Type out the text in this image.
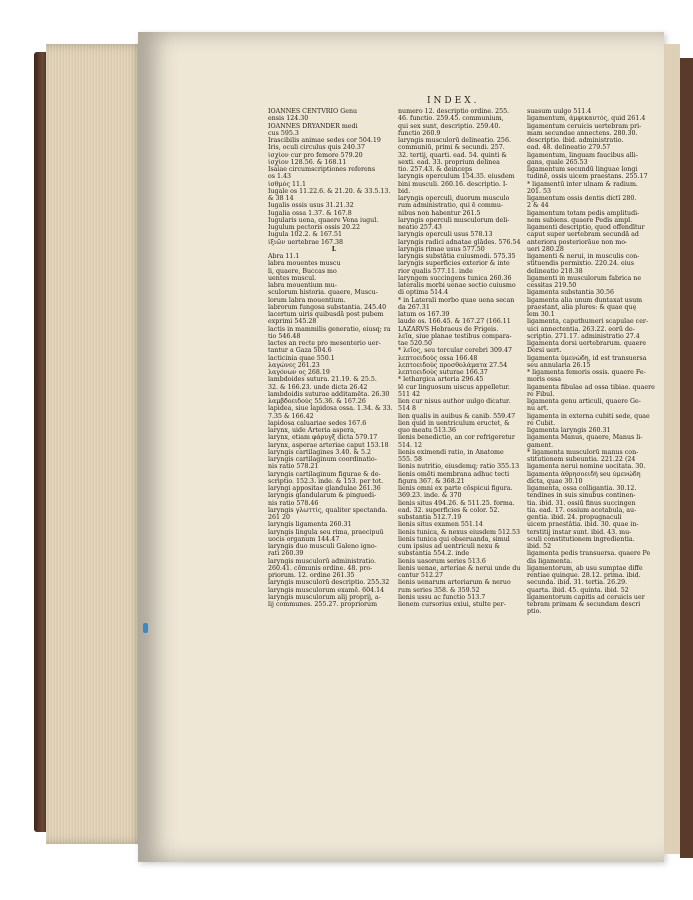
INDEX.
IOANNES CENTVRIO Genu
ensis 124.30
IOANNES DRYANDER medi
cus 595.3
Irascibilis animae sedes cor 504.19
Iris, oculi circulus quis 240.37
ἰσχίον cur pro femore 579.20
ἰσχίον 128.56. & 168.11
Isaiae circumscriptiones referens
os 1.43
ἰσθμός 11.1
Iugale os 11.22.6. & 21.20. & 33.5.13.
& 38 14
Iugalis ossis usus 31.21.32
Iugalia ossa 1.37. & 167.8
Iugularis uena, quaere Vena iugul.
Iugulum pectoris ossis 20.22
Iugula 102.2. & 167.51
ἰξιῶν uertebrae 167.38
L
Abra 11.1
labra mouentes muscu
li, quaere, Buccas mo
uentes muscul.
labra mouentium mu-
sculorum historia. quaere, Muscu-
lorum labra mouentium.
labrorum fungosa substantia. 245.40
lacertum uiris quibusdā post pubem
exprimi 545.28
lactis in mammilis generatio, eiusq; ra
tio 546.48
lactes an recte pro mesenterio uer-
tantur a Gaza 504.6
lacticinia quae 550.1
λαγώνες 261.23
λαγόνων ος 268.19
lambdoides sutura. 21.19. & 25.5.
32. & 166.23. unde dicta 26.42
lambdoidis suturae additamēta. 26.30
λαμβδοειδούς 55.36. & 167.26
lapidea, siue lapidosa ossa. 1.34. & 33.
7.35 & 166.42
lapidosa caluariae sedes 167.6
larynx, uide Arteria aspera,
larynx, etiam φάρυγξ dicta 579.17
larynx, asperae arteriae caput 153.18
laryngis cartilagines 3.40. & 5.2
laryngis cartilaginum coordinatio-
nis ratio 578.21
laryngis cartilaginum figurae & de-
scriptio. 152.3. inde. & 153. per tot.
laryngi appositae glandulae 261.36
laryngis glandularum & pinguedi-
nis ratio 578.46
laryngis γλωττίς, qualiter spectanda.
261 20
laryngis ligamenta 260.31
laryngis lingula seu rima, praecipuū
uocis organum 144.47
laryngis duo musculi Galeno igno-
rati 260.39
laryngis musculorū administratio.
260.41. cōmunis ordine. 48. pro-
priorum. 12. ordine 261.35
laryngis musculorū descriptio. 255.32
laryngis musculorum examē. 604.14
laryngis musculorum alij proprij, a-
lij communes. 255.27. propriorum
numero 12. descriptio ordine. 255.
46. functio. 259.45. communium,
qui sex sunt, descriptio. 259.40.
functio 260.9
laryngis musculorū delineatio. 256.
communiū, primi & secundi. 257.
32. tertij, quarti. ead. 54. quinti &
sexti. ead. 33. proprium delinea
tio. 257.43. & deinceps
laryngis operculum 154.35. eiusdem
bini musculi. 260.16. descriptio. I-
bid.
laryngis operculi, duorum musculo
rum administratio, qui ē commu-
nibus non habentur 261.5
laryngis operculi musculorum deli-
neatio 257.43
laryngis operculi usus 578.13
laryngis radici adnatae glādes. 576.54
laryngis rimae usus 577.50
laryngis substātia cuiusmodi. 575.35
laryngis superficies exterior & inte
rior qualis 577.11. inde
laryngem succingens tunica 260.36
lateralis morbi uenae sectio cuiusmo
di optima 514.4
* in Laterali morbo quae uena secan
da 267.31
latum os 167.39
laude os. 166.45. & 167.27 (166.11
LAZARVS Hebraeus de Frigeis.
λεῖα, siue planae testibus compara-
tae 520.50
* λεῖος, seu torcular cerebri 309.47
λεπτοειδούς ossa 166.48
λεπτοειδούς προσθολάματα 27.54
λεπτοειδούς suturae 166.37
* lethargica arteria 296.45
lē cur linguosum uiscus appelletur.
511 42
lien cur nisus author uulgo dicatur.
514 8
lien qualis in auibus & canib. 559.47
lien quid in uentriculum eructet, &
quo meatu 513.36
lienis benedictio, an cor refrigeretur
514. 12
lienis eximendi ratio, in Anatome
555. 58
lienis nutritio, eiusdemq; ratio 355.13
lienis omēti membrana adhuc tecti
figura 367. & 368.21
lienis omni ex parte cōspicui figura.
369.23. inde. & 370
lienis situs 494.26. & 511.25. forma.
ead. 32. superficies & color. 52.
substantia 512.7.19
lienis situs examen 551.14
lienis tunica, & nexus eiusdem 512.53
lienis tunica qui obseruanda, simul
cum ipsius ad uentriculi nexu &
substantia 554.2. inde
lienis uasorum series 513.6
lienis uenae, arteriae & nerui unde du
cantur 512.27
lienis uenarum arteriarum & neruo
rum series 358. & 359.52
lienis ussu ac functio 513.7
lienem cursorius exiui, stulte per-
suasum uulgo 511.4
ligamentum, ἀμφικαυτός, quid 261.4
ligamentum ceruicis uertebram pri-
mam secundae annectens. 280.30.
descriptio. ibid. administratio.
ead. 48. delineatio 279.57
ligamentum, linguam faucibus alli-
gans, quale 265.53
ligamentum secundū linguae longi
tudinē, ossis uicem praestans. 255.17
* ligamentū inter ulnam & radium.
201. 53
ligamentum ossis dentis dictī 280.
2 & 44
ligamentum totam pedis amplitudi-
nem subiens. quaere Pedis ampl.
ligamenti descriptio, quod offendītur
caput super uertebram secundā ad
anteriora posteriorāue non mo-
ueri 280.28
ligamenti & nerui, in musculis con-
stituendis permixtio. 220.24. eius
delineatio 218.38
ligamenti in musculorum fabrica ne
cessitas 219.50
ligamenta substantia 30.56
ligamenta alia unum duntaxat usum
praestant, alia plures: & quae quę
lem 30.1
ligamenta, caputhumeri scapulae cer-
uici annectentia. 263.22. eorū de-
scriptio. 271.17. administratio 27.4
ligamenta dorsi uertebrarum. quaere
Dorsi uert.
ligamenta ὑμενώδη, id est transuersa
seu annularia 26.15
* ligamenta femoris ossis. quaere Fe-
moris ossa
ligamenta fibulae ad ossa tibiae. quaere
re Fibul.
ligamenta genu articuli, quaere Ge-
nu art.
ligamenta in externa cubiti sede, quae
re Cubit.
ligamenta laryngis 260.31
ligamenta Manus, quaere, Manus li-
gament.
* ligamenta musculorū manus con-
stitutionem subeuntia. 221.22 (24
ligamenta nerui nomine uocitata. 30.
ligamenta ἀθρησοειδή seu ὑμενώδη
dicta, quae 30.10
ligamenta, ossa colligantia. 30.12.
tendines in suis sinubus continen-
tia. ibid. 31. ossiū finus succingen
tia. ead. 17. ossium acetabula, au-
gentia. ibid. 24. propugnaculi
uicem praestātia. ibid. 30. quae in-
terstitij instar sunt. ibid. 43. mu-
sculi constitutionem ingredientia.
ibid. 52
ligamenta pedis transuersa. quaere Pe
dis ligamenta.
ligamentorum, ab usu sumptae diffe
rentiae quinque. 28.12. prima. ibid.
secunda. ibid. 31. tertia. 26.29.
quarta. ibid. 45. quinta. ibid. 52
ligamentorum capitis ad ceruicis uer
tebram primam & secundam descri
ptio.
